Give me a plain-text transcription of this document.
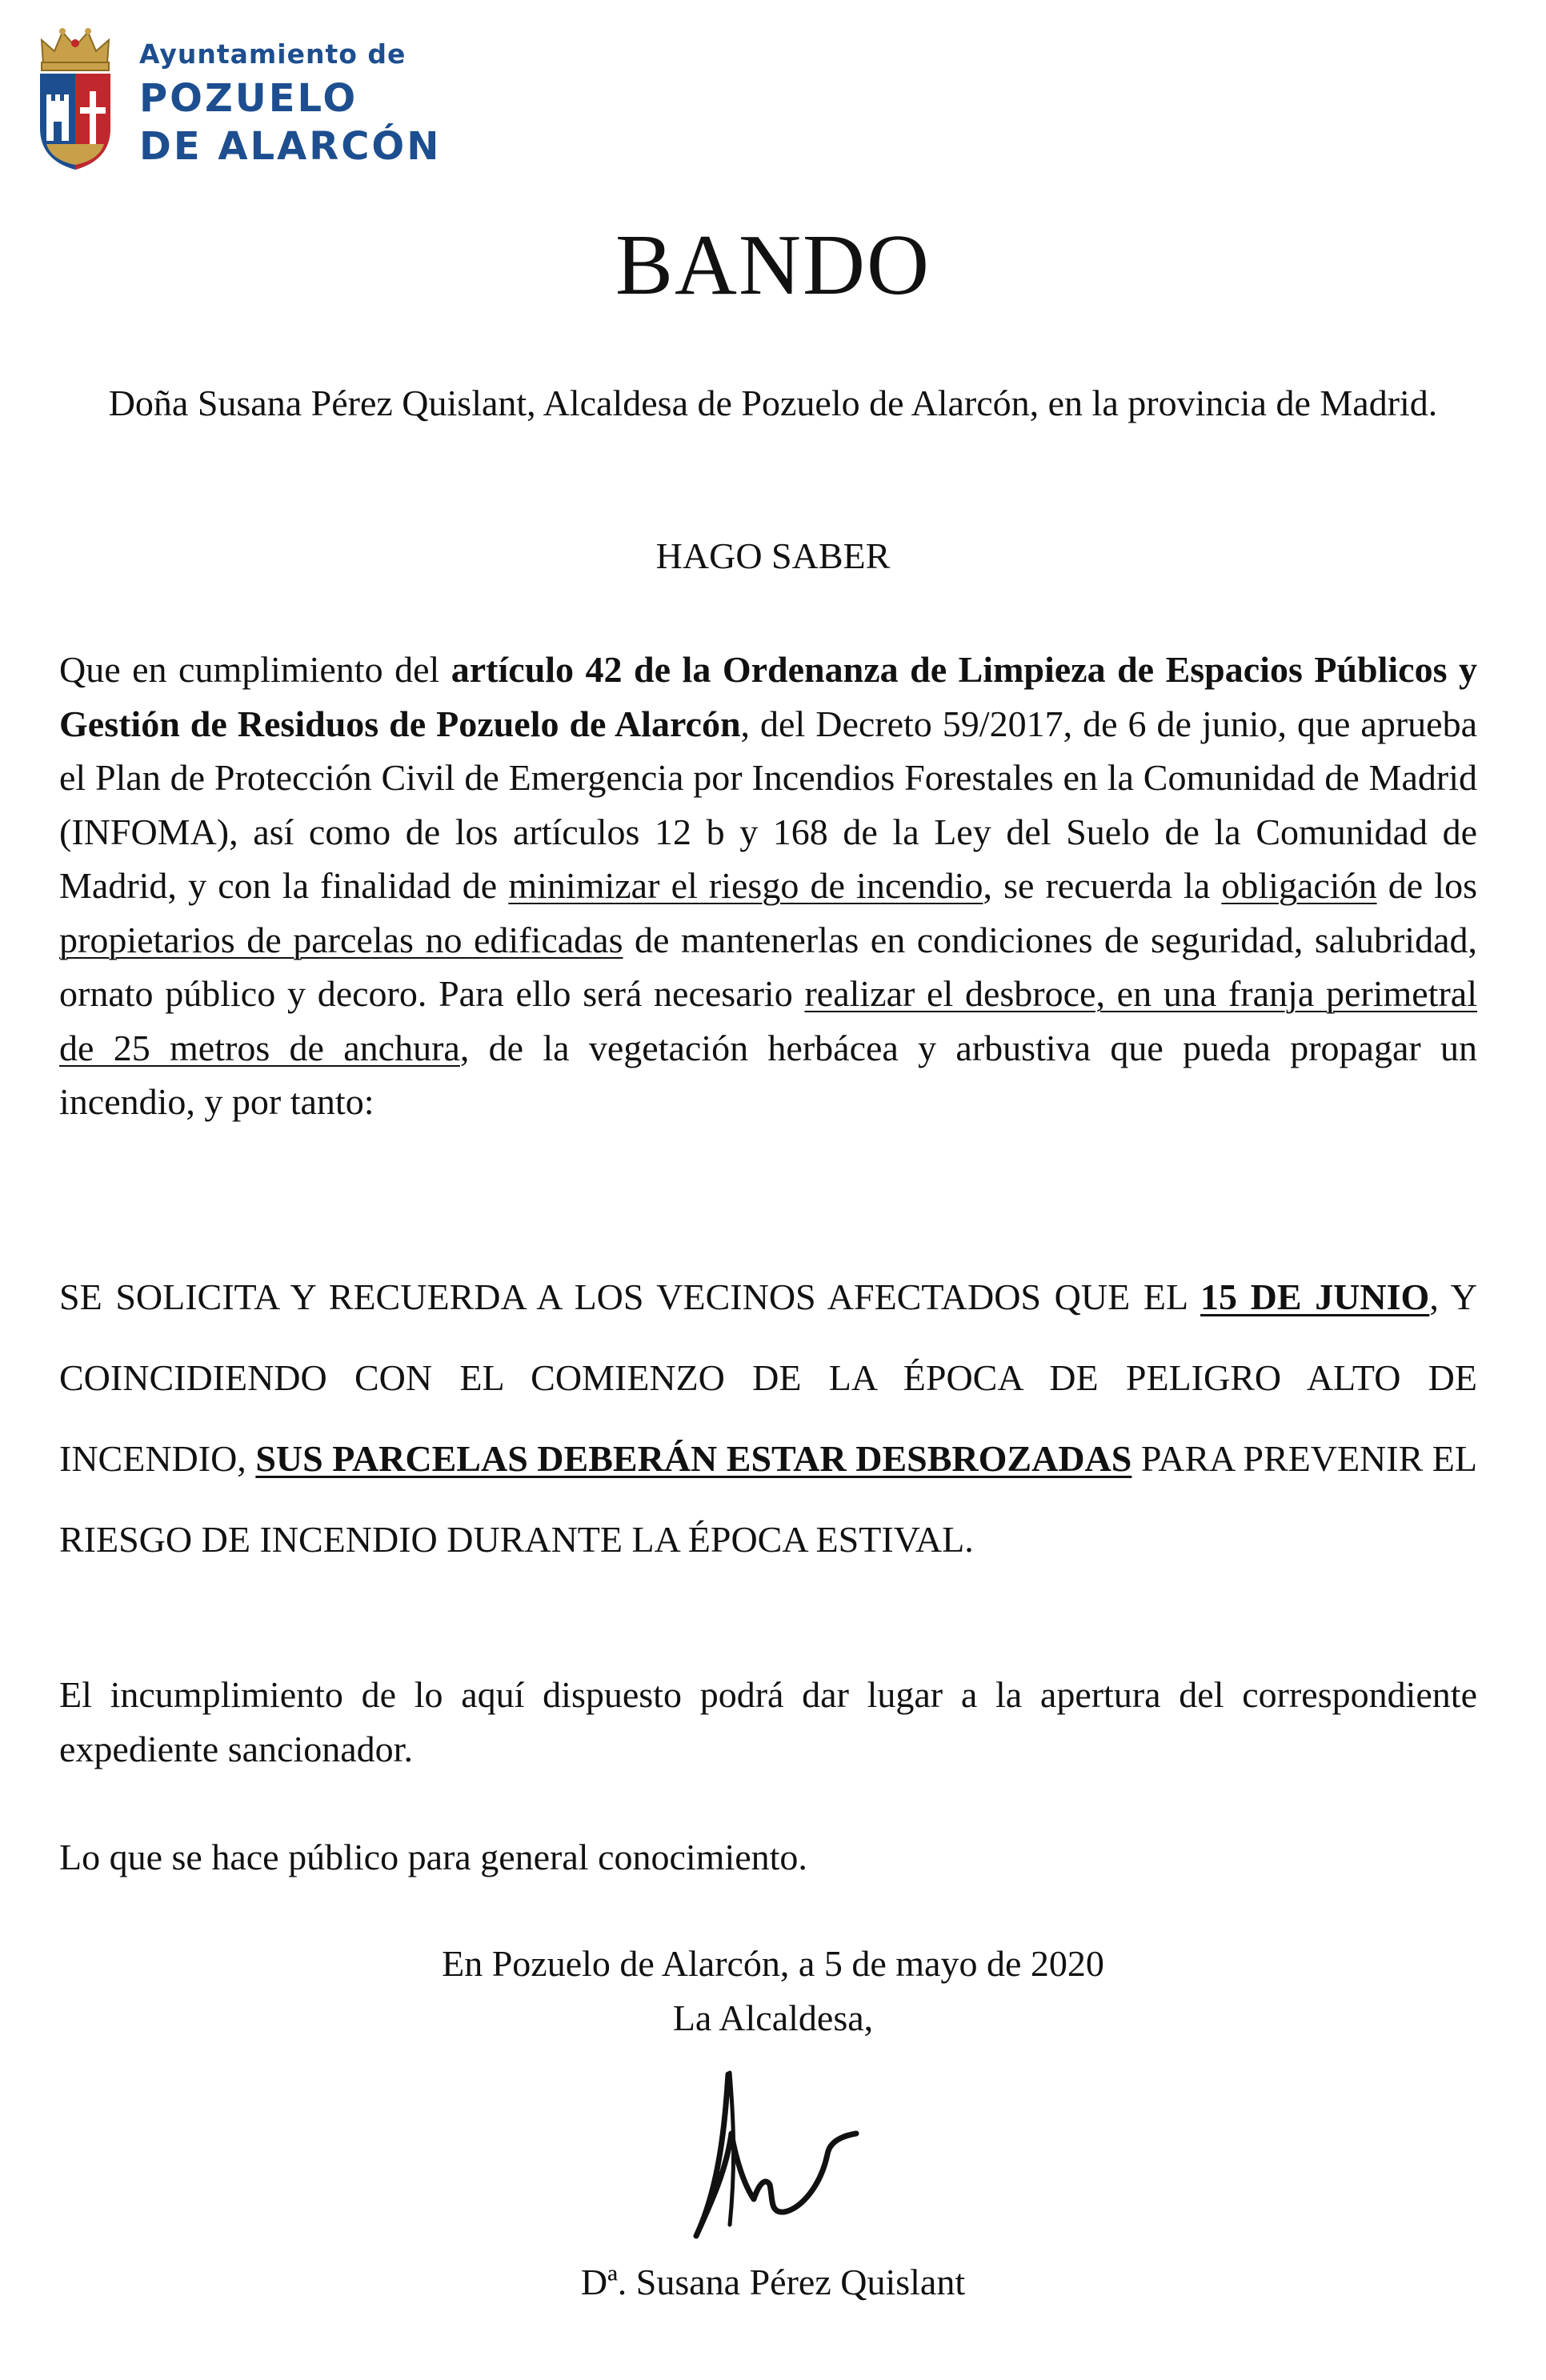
Ayuntamiento de
POZUELO
DE ALARCÓN
BANDO
Doña Susana Pérez Quislant, Alcaldesa de Pozuelo de Alarcón, en la provincia de Madrid.
HAGO SABER
Que en cumplimiento del artículo 42 de la Ordenanza de Limpieza de Espacios Públicos y Gestión de Residuos de Pozuelo de Alarcón, del Decreto 59/2017, de 6 de junio, que aprueba el Plan de Protección Civil de Emergencia por Incendios Forestales en la Comunidad de Madrid (INFOMA), así como de los artículos 12 b y 168 de la Ley del Suelo de la Comunidad de Madrid, y con la finalidad de minimizar el riesgo de incendio, se recuerda la obligación de los propietarios de parcelas no edificadas de mantenerlas en condiciones de seguridad, salubridad, ornato público y decoro. Para ello será necesario realizar el desbroce, en una franja perimetral de 25 metros de anchura, de la vegetación herbácea y arbustiva que pueda propagar un incendio, y por tanto:
SE SOLICITA Y RECUERDA A LOS VECINOS AFECTADOS QUE EL 15 DE JUNIO, Y COINCIDIENDO CON EL COMIENZO DE LA ÉPOCA DE PELIGRO ALTO DE INCENDIO, SUS PARCELAS DEBERÁN ESTAR DESBROZADAS PARA PREVENIR EL RIESGO DE INCENDIO DURANTE LA ÉPOCA ESTIVAL.
El incumplimiento de lo aquí dispuesto podrá dar lugar a la apertura del correspondiente expediente sancionador.
Lo que se hace público para general conocimiento.
En Pozuelo de Alarcón, a 5 de mayo de 2020
La Alcaldesa,
Dª. Susana Pérez Quislant
